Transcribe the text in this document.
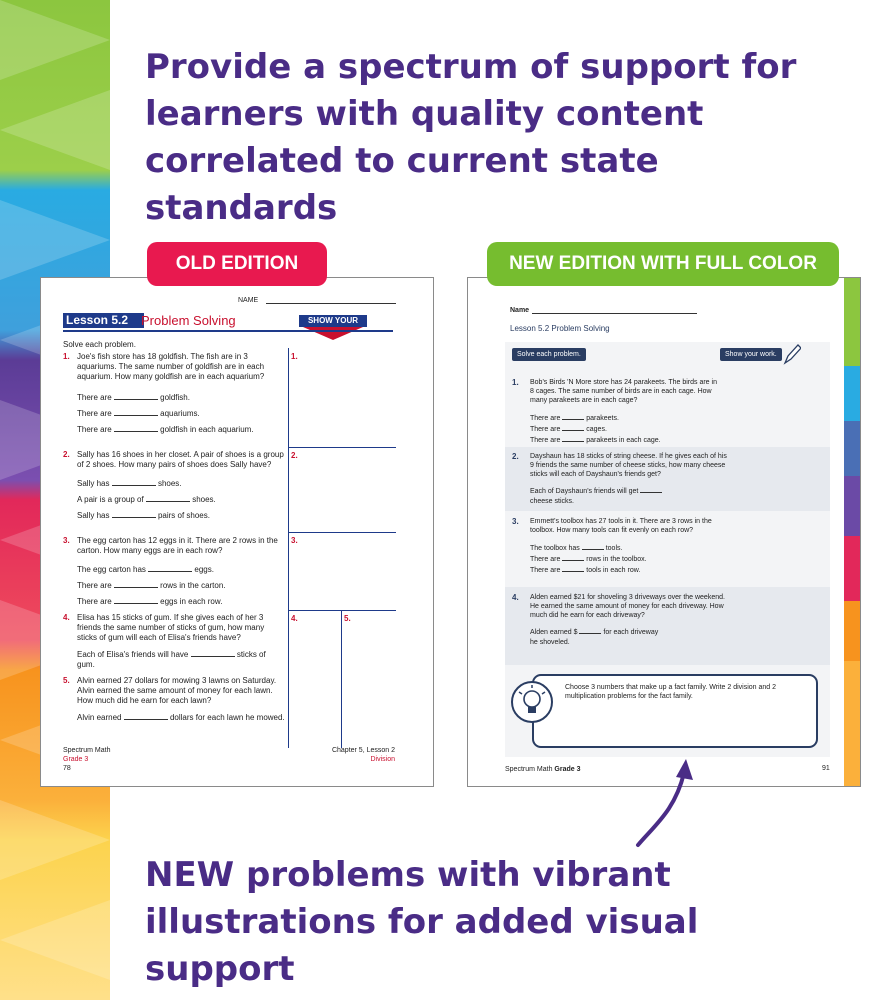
Provide a spectrum of support for learners with quality content correlated to current state standards
OLD EDITION	NEW EDITION WITH FULL COLOR
NAME
Lesson 5.2 Problem Solving	SHOW YOUR
Solve each problem.
1.
2.
3.
4.	5.
1. Joe's fish store has 18 goldfish. The fish are in 3 aquariums. The same number of goldfish are in each aquarium. How many goldfish are in each aquarium?
There are	goldfish.
There are	aquariums.
There are	goldfish in each aquarium.
2. Sally has 16 shoes in her closet. A pair of shoes is a group of 2 shoes. How many pairs of shoes does Sally have?
Sally has	shoes.
A pair is a group of	shoes.
Sally has	pairs of shoes.
3. The egg carton has 12 eggs in it. There are 2 rows in the carton. How many eggs are in each row?
The egg carton has	eggs.
There are	rows in the carton.
There are	eggs in each row.
4. Elisa has 15 sticks of gum. If she gives each of her 3 friends the same number of sticks of gum, how many sticks of gum will each of Elisa's friends have?
Each of Elisa's friends will have	sticks of gum.
5. Alvin earned 27 dollars for mowing 3 lawns on Saturday. Alvin earned the same amount of money for each lawn. How much did he earn for each lawn?
Alvin earned	dollars for each lawn he mowed.
Spectrum Math
Grade 3
78
Chapter 5, Lesson 2
Division
Name
Lesson 5.2 Problem Solving
Solve each problem.	Show your work.
1.	Bob's Birds 'N More store has 24 parakeets. The birds are in 8 cages. The same number of birds are in each cage. How many parakeets are in each cage?
There are	parakeets.
There are	cages.
There are	parakeets in each cage.
2.	Dayshaun has 18 sticks of string cheese. If he gives each of his 9 friends the same number of cheese sticks, how many cheese sticks will each of Dayshaun's friends get?
Each of Dayshaun's friends will get
cheese sticks.
3.	Emmett's toolbox has 27 tools in it. There are 3 rows in the toolbox. How many tools can fit evenly on each row?
The toolbox has	tools.
There are	rows in the toolbox.
There are	tools in each row.
4.	Alden earned $21 for shoveling 3 driveways over the weekend. He earned the same amount of money for each driveway. How much did he earn for each driveway?
Alden earned $	for each driveway
he shoveled.
Choose 3 numbers that make up a fact family. Write 2 division and 2 multiplication problems for the fact family.
Spectrum Math Grade 3	91
NEW problems with vibrant illustrations for added visual support
